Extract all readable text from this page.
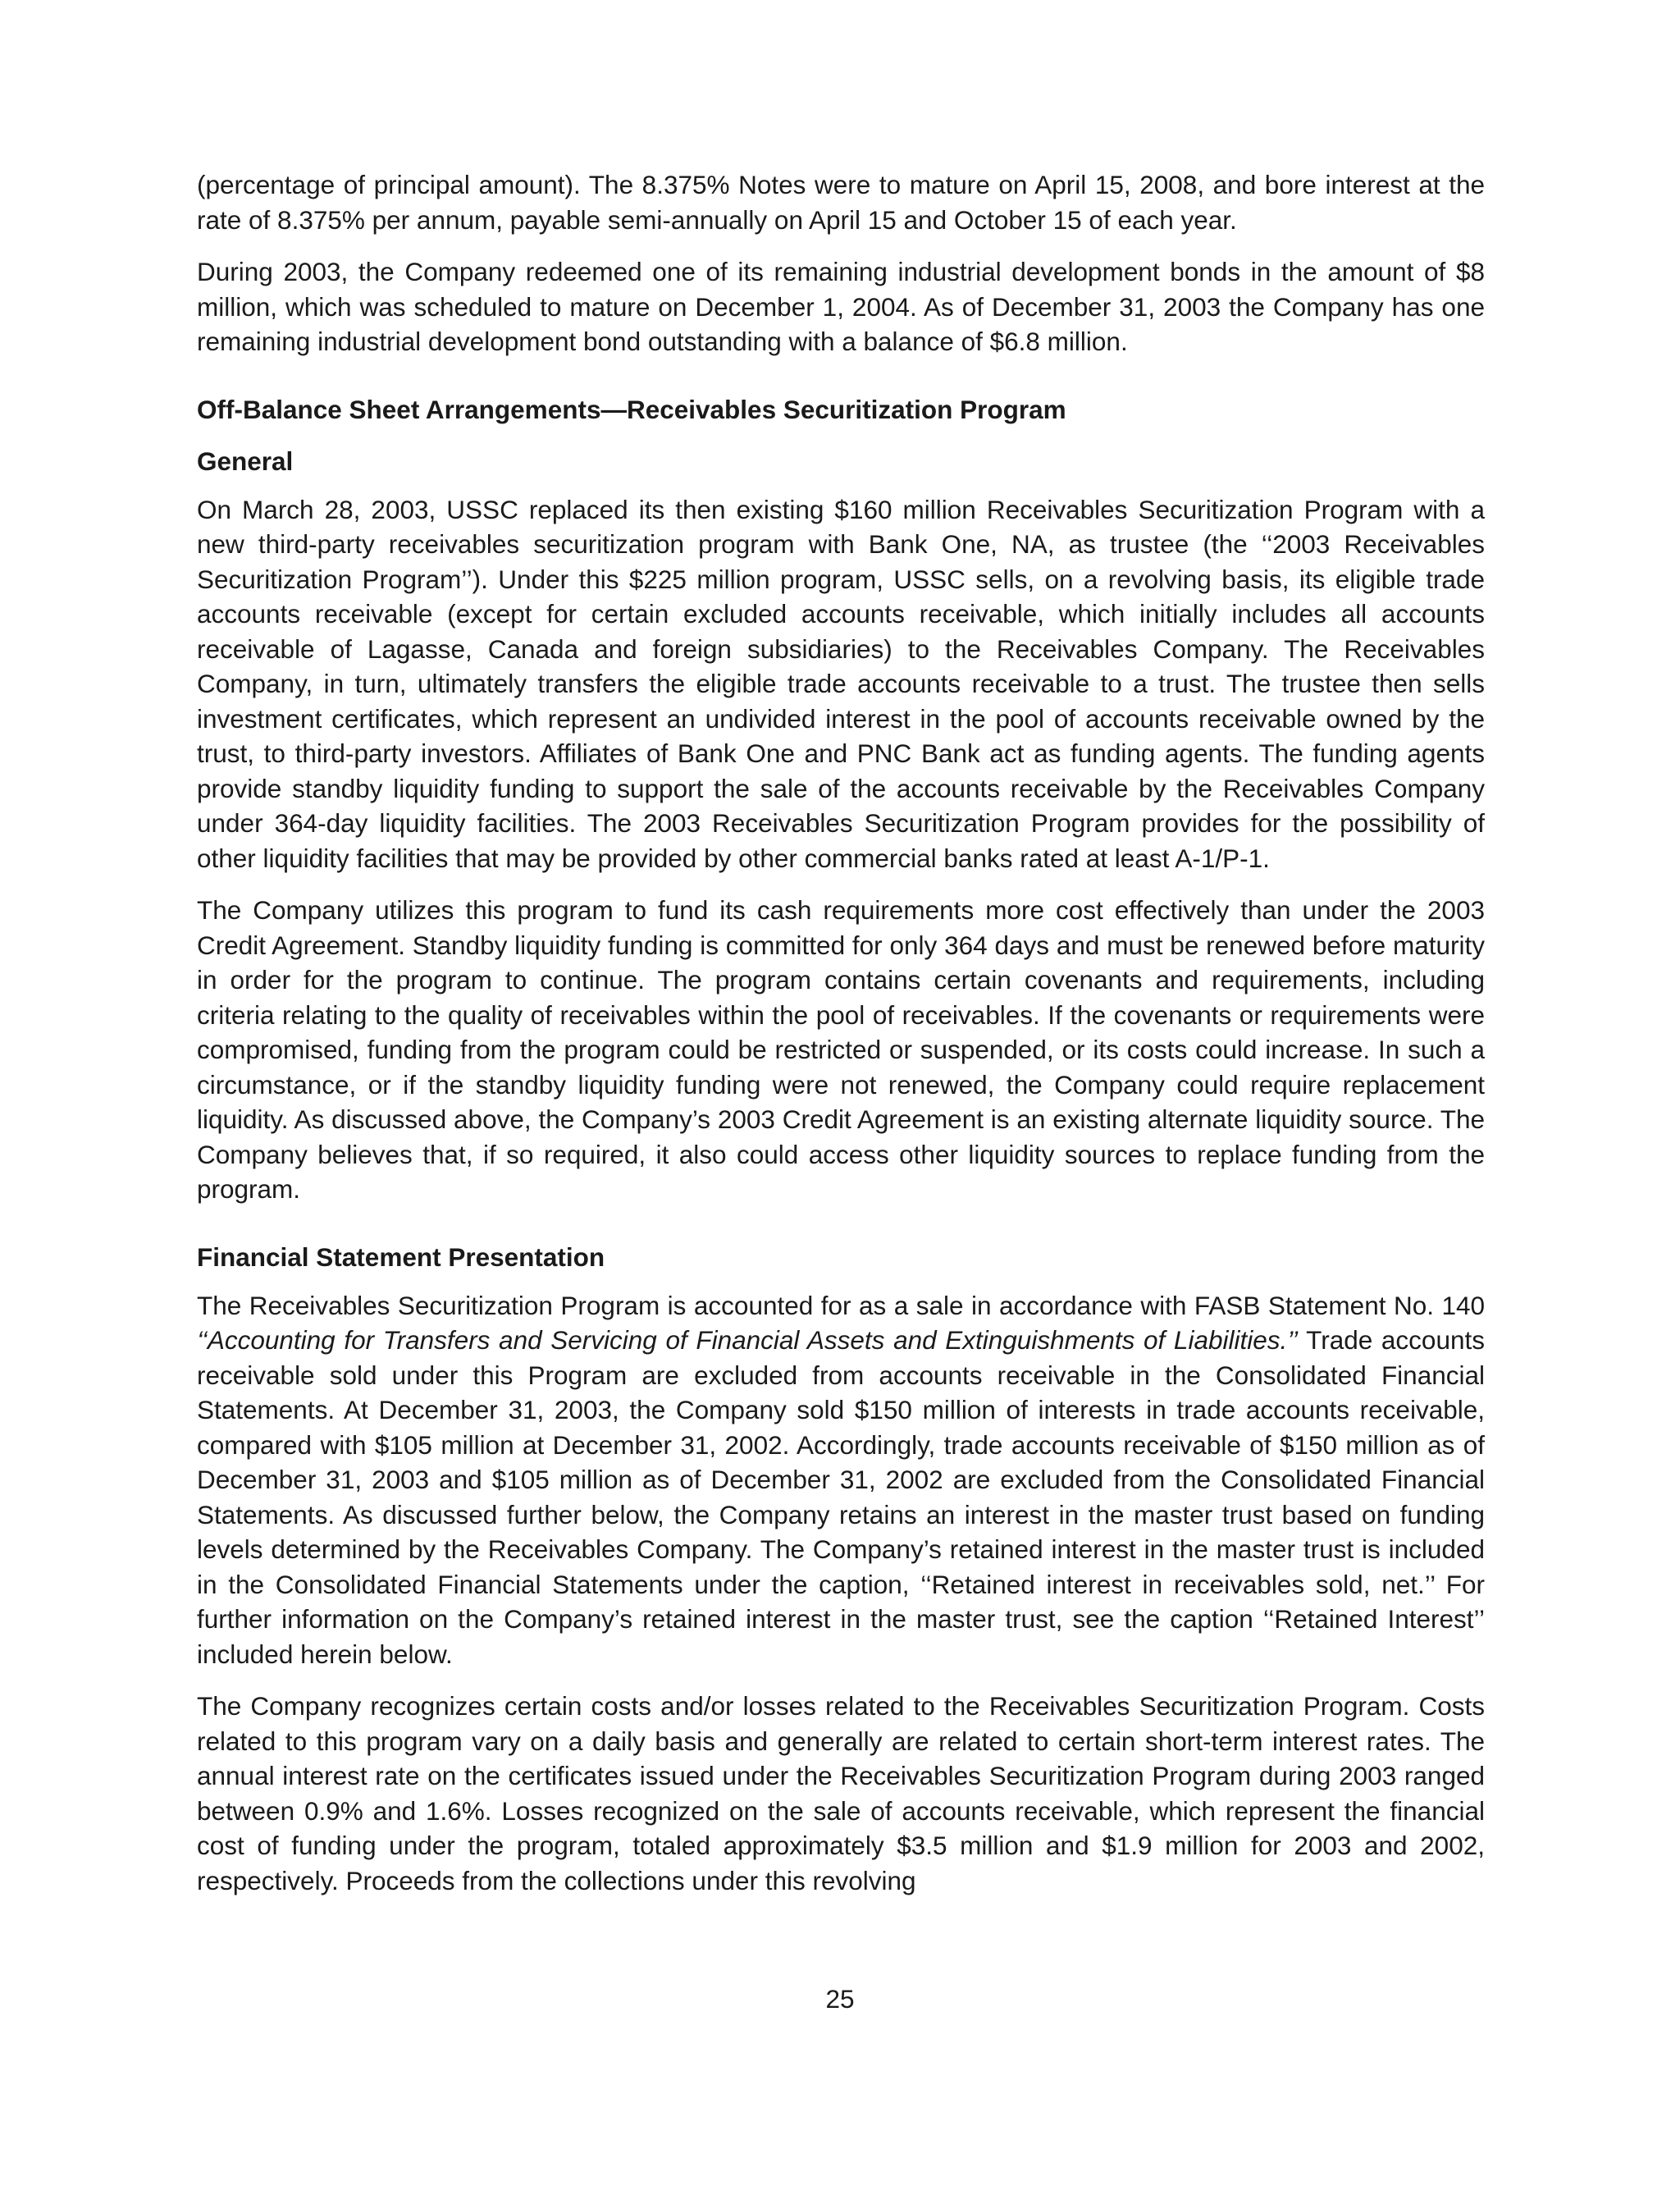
(percentage of principal amount). The 8.375% Notes were to mature on April 15, 2008, and bore interest at the rate of 8.375% per annum, payable semi-annually on April 15 and October 15 of each year.

During 2003, the Company redeemed one of its remaining industrial development bonds in the amount of $8 million, which was scheduled to mature on December 1, 2004. As of December 31, 2003 the Company has one remaining industrial development bond outstanding with a balance of $6.8 million.

Off-Balance Sheet Arrangements—Receivables Securitization Program
General

On March 28, 2003, USSC replaced its then existing $160 million Receivables Securitization Program with a new third-party receivables securitization program with Bank One, NA, as trustee (the ‘‘2003 Receivables Securitization Program’’). Under this $225 million program, USSC sells, on a revolving basis, its eligible trade accounts receivable (except for certain excluded accounts receivable, which initially includes all accounts receivable of Lagasse, Canada and foreign subsidiaries) to the Receivables Company. The Receivables Company, in turn, ultimately transfers the eligible trade accounts receivable to a trust. The trustee then sells investment certificates, which represent an undivided interest in the pool of accounts receivable owned by the trust, to third-party investors. Affiliates of Bank One and PNC Bank act as funding agents. The funding agents provide standby liquidity funding to support the sale of the accounts receivable by the Receivables Company under 364-day liquidity facilities. The 2003 Receivables Securitization Program provides for the possibility of other liquidity facilities that may be provided by other commercial banks rated at least A-1/P-1.

The Company utilizes this program to fund its cash requirements more cost effectively than under the 2003 Credit Agreement. Standby liquidity funding is committed for only 364 days and must be renewed before maturity in order for the program to continue. The program contains certain covenants and requirements, including criteria relating to the quality of receivables within the pool of receivables. If the covenants or requirements were compromised, funding from the program could be restricted or suspended, or its costs could increase. In such a circumstance, or if the standby liquidity funding were not renewed, the Company could require replacement liquidity. As discussed above, the Company’s 2003 Credit Agreement is an existing alternate liquidity source. The Company believes that, if so required, it also could access other liquidity sources to replace funding from the program.

Financial Statement Presentation

The Receivables Securitization Program is accounted for as a sale in accordance with FASB Statement No. 140 ‘‘Accounting for Transfers and Servicing of Financial Assets and Extinguishments of Liabilities.’’ Trade accounts receivable sold under this Program are excluded from accounts receivable in the Consolidated Financial Statements. At December 31, 2003, the Company sold $150 million of interests in trade accounts receivable, compared with $105 million at December 31, 2002. Accordingly, trade accounts receivable of $150 million as of December 31, 2003 and $105 million as of December 31, 2002 are excluded from the Consolidated Financial Statements. As discussed further below, the Company retains an interest in the master trust based on funding levels determined by the Receivables Company. The Company’s retained interest in the master trust is included in the Consolidated Financial Statements under the caption, ‘‘Retained interest in receivables sold, net.’’ For further information on the Company’s retained interest in the master trust, see the caption ‘‘Retained Interest’’ included herein below.

The Company recognizes certain costs and/or losses related to the Receivables Securitization Program. Costs related to this program vary on a daily basis and generally are related to certain short-term interest rates. The annual interest rate on the certificates issued under the Receivables Securitization Program during 2003 ranged between 0.9% and 1.6%. Losses recognized on the sale of accounts receivable, which represent the financial cost of funding under the program, totaled approximately $3.5 million and $1.9 million for 2003 and 2002, respectively. Proceeds from the collections under this revolving

25
